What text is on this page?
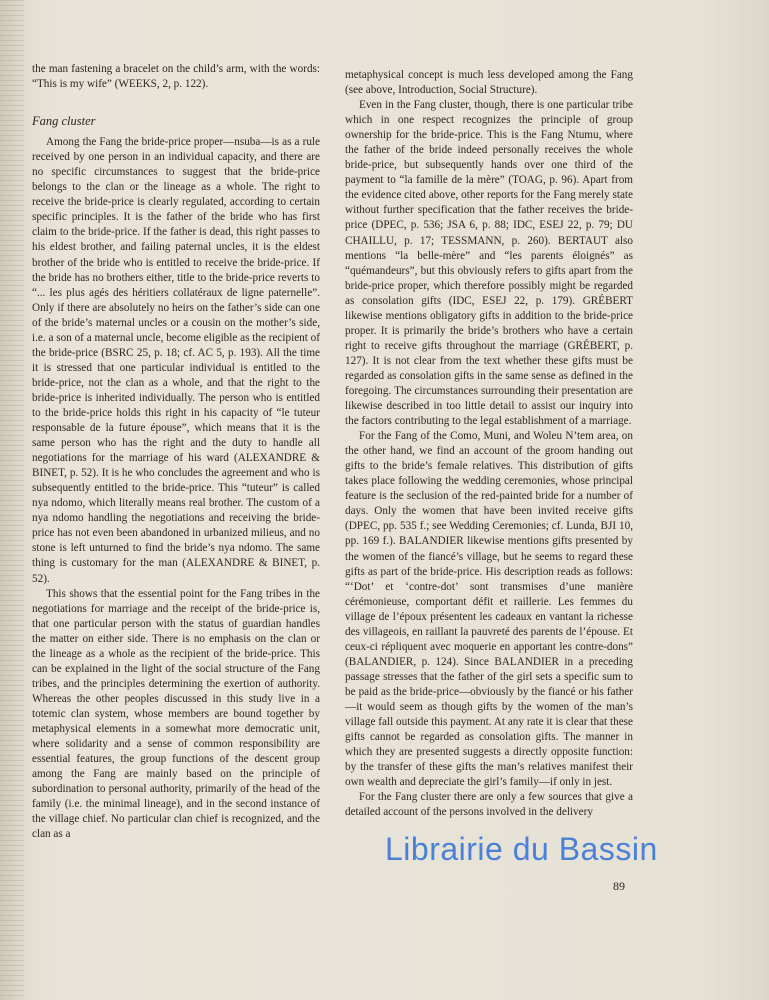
the man fastening a bracelet on the child’s arm, with the words: “This is my wife” (WEEKS, 2, p. 122).

Fang cluster

Among the Fang the bride-price proper—nsuba—is as a rule received by one person in an individual capacity, and there are no specific circumstances to suggest that the bride-price belongs to the clan or the lineage as a whole. The right to receive the bride-price is clearly regulated, according to certain specific principles. It is the father of the bride who has first claim to the bride-price. If the father is dead, this right passes to his eldest brother, and failing paternal uncles, it is the eldest brother of the bride who is entitled to receive the bride-price. If the bride has no brothers either, title to the bride-price reverts to “... les plus agés des héritiers collatéraux de ligne paternelle”. Only if there are absolutely no heirs on the father’s side can one of the bride’s maternal uncles or a cousin on the mother’s side, i.e. a son of a maternal uncle, become eligible as the recipient of the bride-price (BSRC 25, p. 18; cf. AC 5, p. 193). All the time it is stressed that one particular individual is entitled to the bride-price, not the clan as a whole, and that the right to the bride-price is inherited individually. The person who is entitled to the bride-price holds this right in his capacity of “le tuteur responsable de la future épouse”, which means that it is the same person who has the right and the duty to handle all negotiations for the marriage of his ward (ALEXANDRE & BINET, p. 52). It is he who concludes the agreement and who is subsequently entitled to the bride-price. This “tuteur” is called nya ndomo, which literally means real brother. The custom of a nya ndomo handling the negotiations and receiving the bride-price has not even been abandoned in urbanized milieus, and no stone is left unturned to find the bride’s nya ndomo. The same thing is customary for the man (ALEXANDRE & BINET, p. 52).

This shows that the essential point for the Fang tribes in the negotiations for marriage and the receipt of the bride-price is, that one particular person with the status of guardian handles the matter on either side. There is no emphasis on the clan or the lineage as a whole as the recipient of the bride-price. This can be explained in the light of the social structure of the Fang tribes, and the principles determining the exertion of authority. Whereas the other peoples discussed in this study live in a totemic clan system, whose members are bound together by metaphysical elements in a somewhat more democratic unit, where solidarity and a sense of common responsibility are essential features, the group functions of the descent group among the Fang are mainly based on the principle of subordination to personal authority, primarily of the head of the family (i.e. the minimal lineage), and in the second instance of the village chief. No particular clan chief is recognized, and the clan as a

metaphysical concept is much less developed among the Fang (see above, Introduction, Social Structure).

Even in the Fang cluster, though, there is one particular tribe which in one respect recognizes the principle of group ownership for the bride-price. This is the Fang Ntumu, where the father of the bride indeed personally receives the whole bride-price, but subsequently hands over one third of the payment to “la famille de la mère” (TOAG, p. 96). Apart from the evidence cited above, other reports for the Fang merely state without further specification that the father receives the bride-price (DPEC, p. 536; JSA 6, p. 88; IDC, ESEJ 22, p. 79; DU CHAILLU, p. 17; TESSMANN, p. 260). BERTAUT also mentions “la belle-mère” and “les parents éloignés” as “quémandeurs”, but this obviously refers to gifts apart from the bride-price proper, which therefore possibly might be regarded as consolation gifts (IDC, ESEJ 22, p. 179). GRÉBERT likewise mentions obligatory gifts in addition to the bride-price proper. It is primarily the bride’s brothers who have a certain right to receive gifts throughout the marriage (GRÉBERT, p. 127). It is not clear from the text whether these gifts must be regarded as consolation gifts in the same sense as defined in the foregoing. The circumstances surrounding their presentation are likewise described in too little detail to assist our inquiry into the factors contributing to the legal establishment of a marriage.

For the Fang of the Como, Muni, and Woleu N’tem area, on the other hand, we find an account of the groom handing out gifts to the bride’s female relatives. This distribution of gifts takes place following the wedding ceremonies, whose principal feature is the seclusion of the red-painted bride for a number of days. Only the women that have been invited receive gifts (DPEC, pp. 535 f.; see Wedding Ceremonies; cf. Lunda, BJI 10, pp. 169 f.). BALANDIER likewise mentions gifts presented by the women of the fiancé’s village, but he seems to regard these gifts as part of the bride-price. His description reads as follows: “‘Dot’ et ‘contre-dot’ sont transmises d’une manière cérémonieuse, comportant défit et raillerie. Les femmes du village de l’époux présentent les cadeaux en vantant la richesse des villageois, en raillant la pauvreté des parents de l’épouse. Et ceux-ci répliquent avec moquerie en apportant les contre-dons” (BALANDIER, p. 124). Since BALANDIER in a preceding passage stresses that the father of the girl sets a specific sum to be paid as the bride-price—obviously by the fiancé or his father—it would seem as though gifts by the women of the man’s village fall outside this payment. At any rate it is clear that these gifts cannot be regarded as consolation gifts. The manner in which they are presented suggests a directly opposite function: by the transfer of these gifts the man’s relatives manifest their own wealth and depreciate the girl’s family—if only in jest.

For the Fang cluster there are only a few sources that give a detailed account of the persons involved in the delivery

Librairie du Bassin
89
